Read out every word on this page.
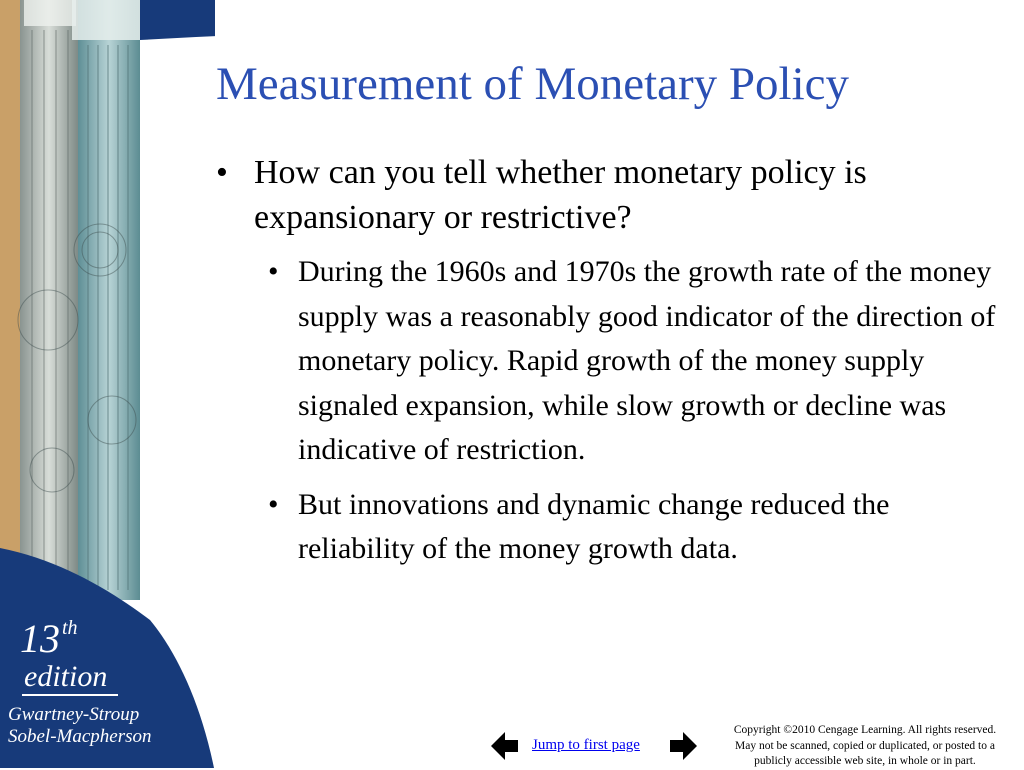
13 $^{th}$
edition
Gwartney-Stroup
Sobel-Macpherson
Measurement of Monetary Policy
• How can you tell whether monetary policy is expansionary or restrictive?
• During the 1960s and 1970s the growth rate of the money supply was a reasonably good indicator of the direction of monetary policy. Rapid growth of the money supply signaled expansion, while slow growth or decline was indicative of restriction.
• But innovations and dynamic change reduced the reliability of the money growth data.
Jump to first page
Copyright ©2010 Cengage Learning. All rights reserved.
May not be scanned, copied or duplicated, or posted to a
publicly accessible web site, in whole or in part.
